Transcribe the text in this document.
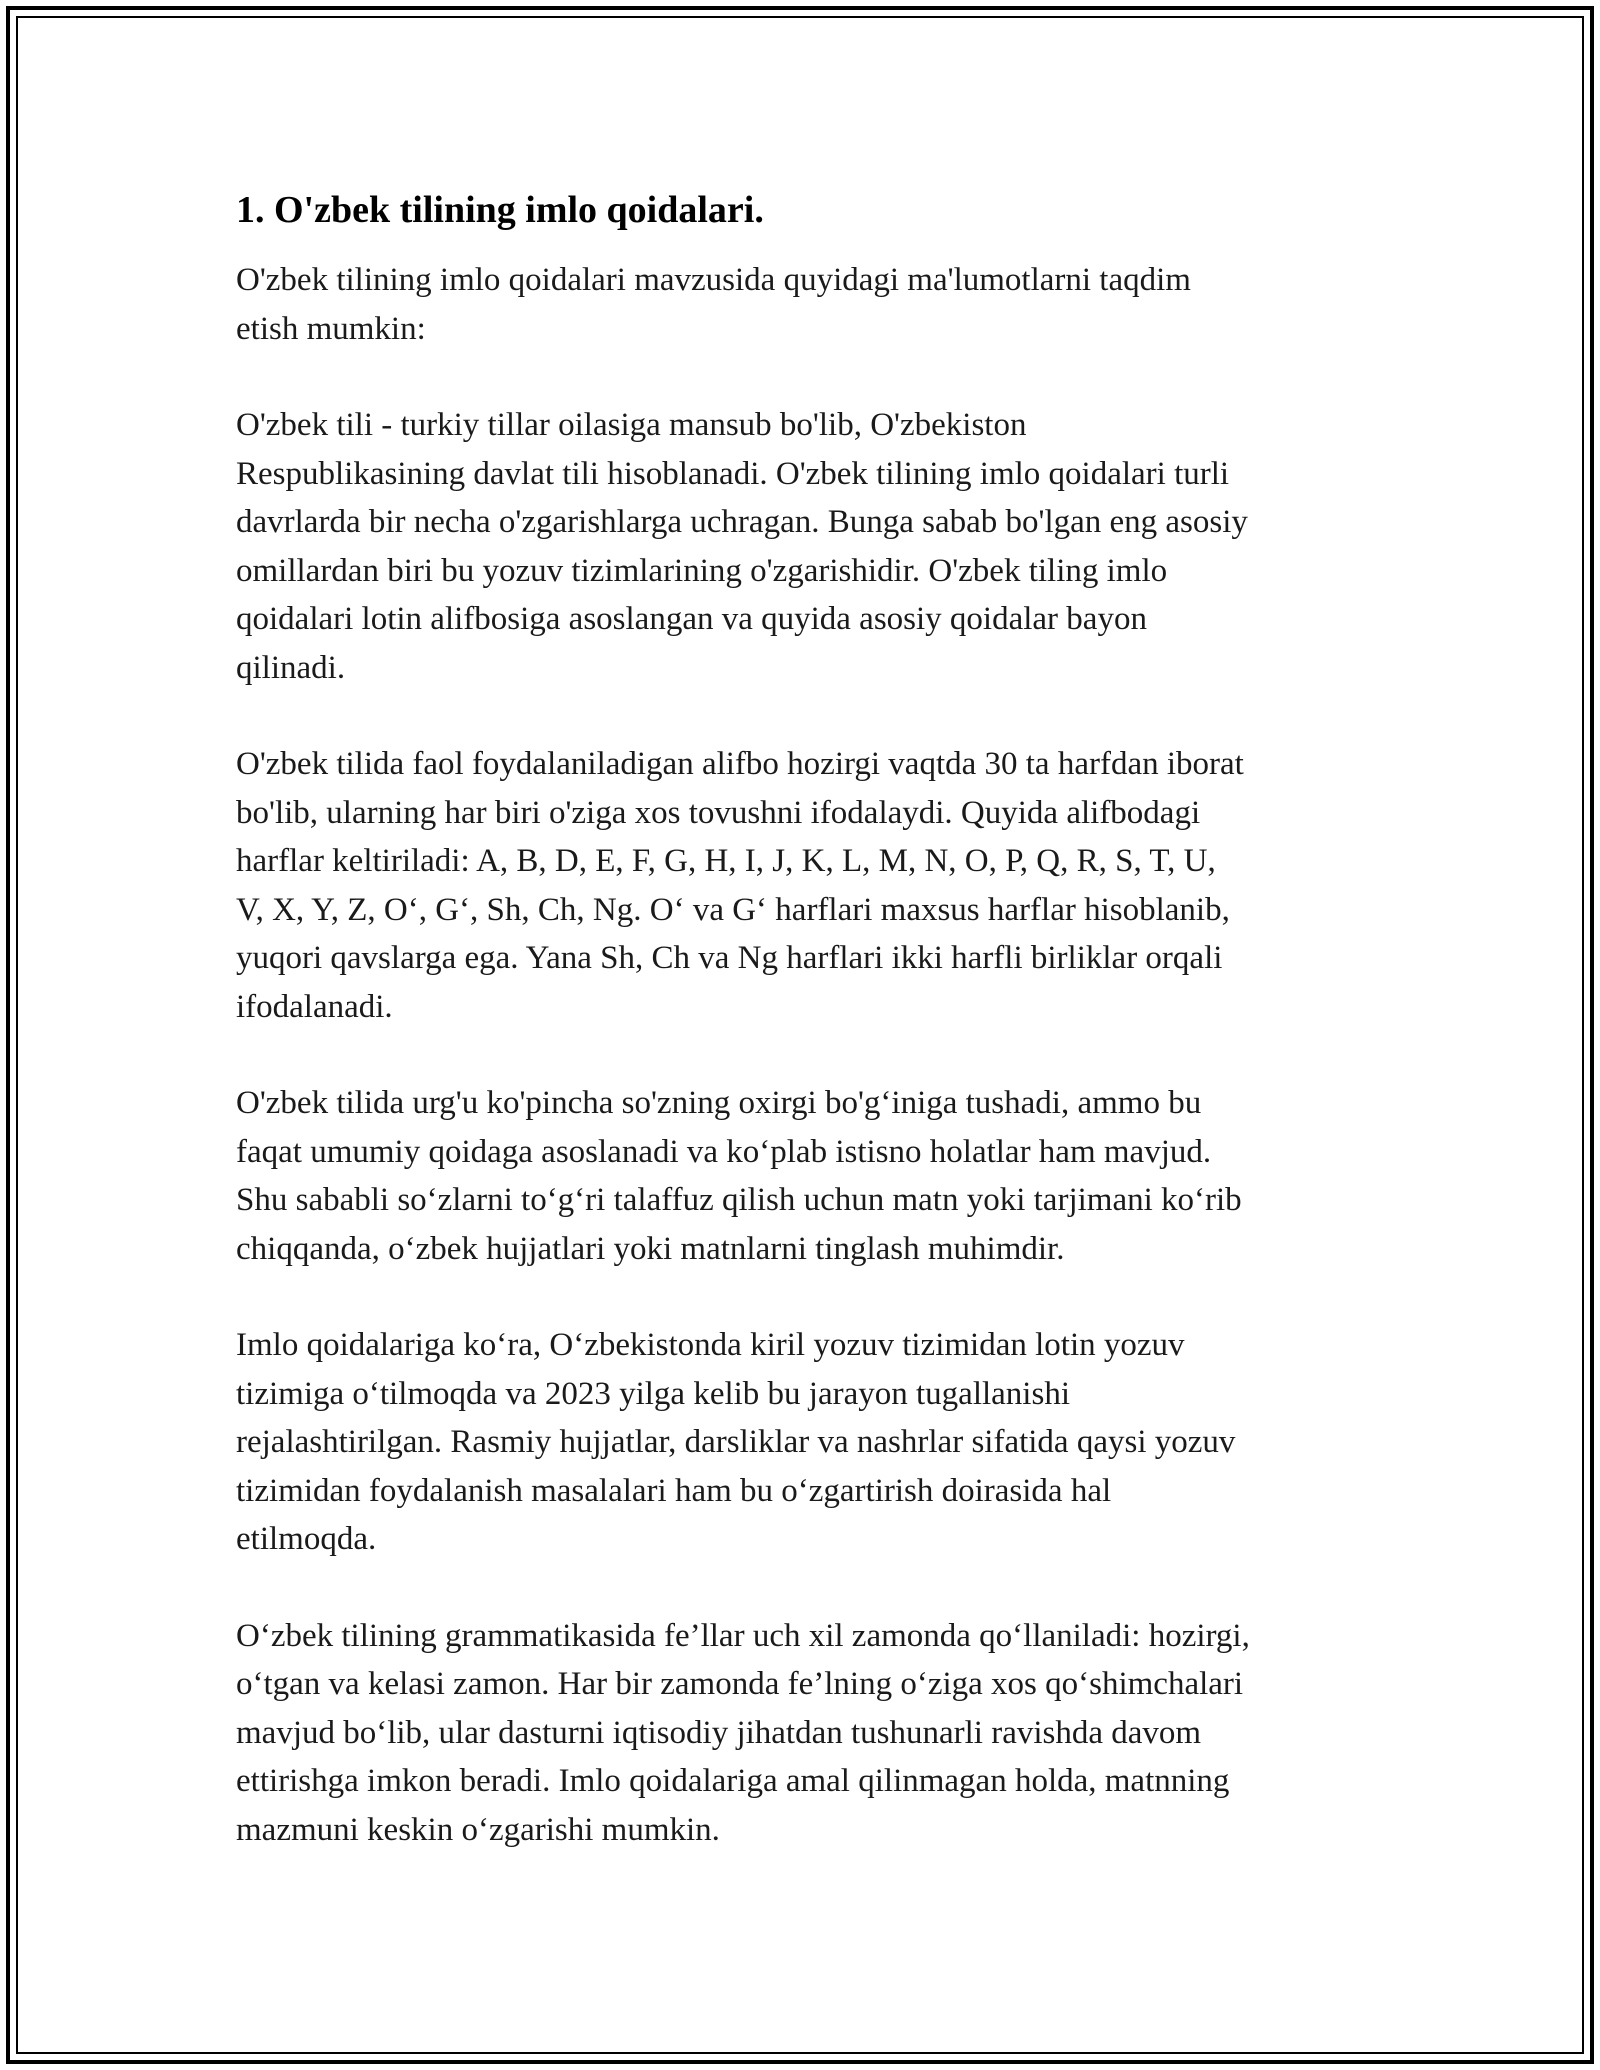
1. O'zbek tilining imlo qoidalari.

O'zbek tilining imlo qoidalari mavzusida quyidagi ma'lumotlarni taqdim
etish mumkin:

O'zbek tili - turkiy tillar oilasiga mansub bo'lib, O'zbekiston
Respublikasining davlat tili hisoblanadi. O'zbek tilining imlo qoidalari turli
davrlarda bir necha o'zgarishlarga uchragan. Bunga sabab bo'lgan eng asosiy
omillardan biri bu yozuv tizimlarining o'zgarishidir. O'zbek tiling imlo
qoidalari lotin alifbosiga asoslangan va quyida asosiy qoidalar bayon
qilinadi.

O'zbek tilida faol foydalaniladigan alifbo hozirgi vaqtda 30 ta harfdan iborat
bo'lib, ularning har biri o'ziga xos tovushni ifodalaydi. Quyida alifbodagi
harflar keltiriladi: A, B, D, E, F, G, H, I, J, K, L, M, N, O, P, Q, R, S, T, U,
V, X, Y, Z, O‘, G‘, Sh, Ch, Ng. O‘ va G‘ harflari maxsus harflar hisoblanib,
yuqori qavslarga ega. Yana Sh, Ch va Ng harflari ikki harfli birliklar orqali
ifodalanadi.

O'zbek tilida urg'u ko'pincha so'zning oxirgi bo'g‘iniga tushadi, ammo bu
faqat umumiy qoidaga asoslanadi va ko‘plab istisno holatlar ham mavjud.
Shu sababli so‘zlarni to‘g‘ri talaffuz qilish uchun matn yoki tarjimani ko‘rib
chiqqanda, o‘zbek hujjatlari yoki matnlarni tinglash muhimdir.

Imlo qoidalariga ko‘ra, O‘zbekistonda kiril yozuv tizimidan lotin yozuv
tizimiga o‘tilmoqda va 2023 yilga kelib bu jarayon tugallanishi
rejalashtirilgan. Rasmiy hujjatlar, darsliklar va nashrlar sifatida qaysi yozuv
tizimidan foydalanish masalalari ham bu o‘zgartirish doirasida hal
etilmoqda.

O‘zbek tilining grammatikasida fe’llar uch xil zamonda qo‘llaniladi: hozirgi,
o‘tgan va kelasi zamon. Har bir zamonda fe’lning o‘ziga xos qo‘shimchalari
mavjud bo‘lib, ular dasturni iqtisodiy jihatdan tushunarli ravishda davom
ettirishga imkon beradi. Imlo qoidalariga amal qilinmagan holda, matnning
mazmuni keskin o‘zgarishi mumkin.
